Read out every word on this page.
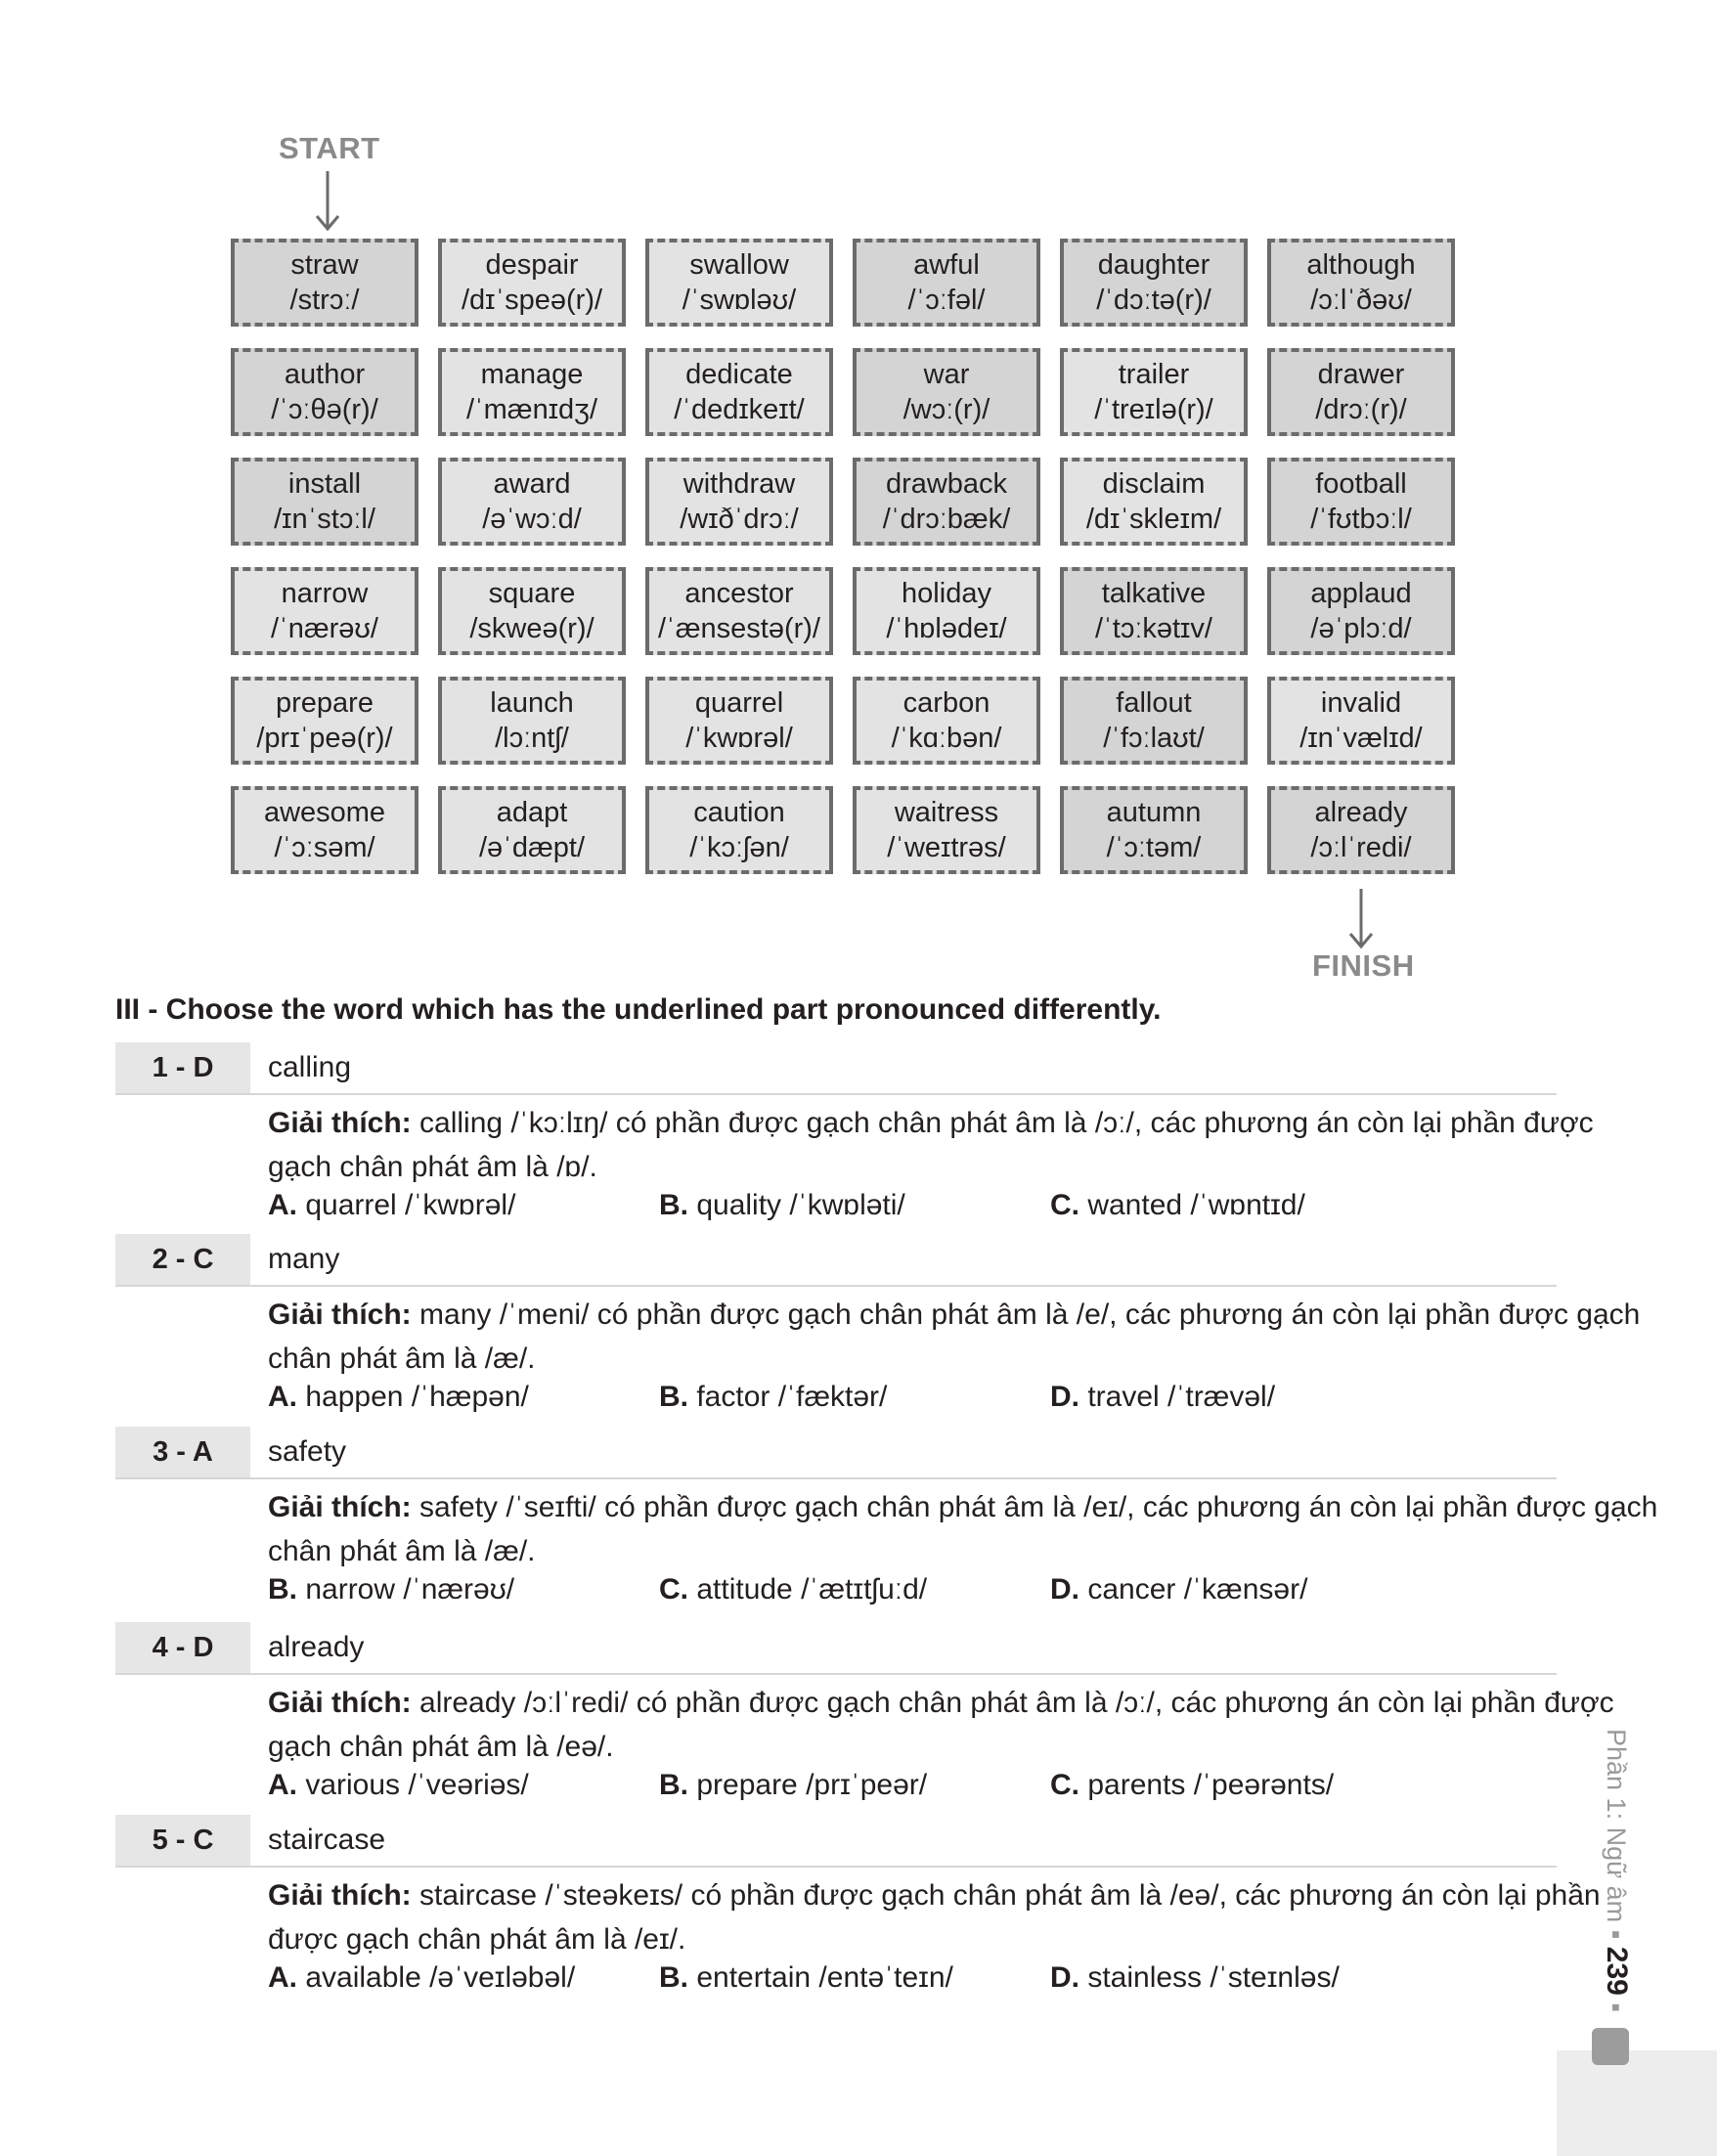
START
straw
/strɔː/
despair
/dɪˈspeə(r)/
swallow
/ˈswɒləʊ/
awful
/ˈɔːfəl/
daughter
/ˈdɔːtə(r)/
although
/ɔːlˈðəʊ/
author
/ˈɔːθə(r)/
manage
/ˈmænɪdʒ/
dedicate
/ˈdedɪkeɪt/
war
/wɔː(r)/
trailer
/ˈtreɪlə(r)/
drawer
/drɔː(r)/
install
/ɪnˈstɔːl/
award
/əˈwɔːd/
withdraw
/wɪðˈdrɔː/
drawback
/ˈdrɔːbæk/
disclaim
/dɪˈskleɪm/
football
/ˈfʊtbɔːl/
narrow
/ˈnærəʊ/
square
/skweə(r)/
ancestor
/ˈænsestə(r)/
holiday
/ˈhɒlədeɪ/
talkative
/ˈtɔːkətɪv/
applaud
/əˈplɔːd/
prepare
/prɪˈpeə(r)/
launch
/lɔːntʃ/
quarrel
/ˈkwɒrəl/
carbon
/ˈkɑːbən/
fallout
/ˈfɔːlaʊt/
invalid
/ɪnˈvælɪd/
awesome
/ˈɔːsəm/
adapt
/əˈdæpt/
caution
/ˈkɔːʃən/
waitress
/ˈweɪtrəs/
autumn
/ˈɔːtəm/
already
/ɔːlˈredi/
FINISH
III - Choose the word which has the underlined part pronounced differently.
1 - D	calling
Giải thích: calling /ˈkɔːlɪŋ/ có phần được gạch chân phát âm là /ɔː/, các phương án còn lại phần được gạch chân phát âm là /ɒ/.
A. quarrel /ˈkwɒrəl/	B. quality /ˈkwɒləti/	C. wanted /ˈwɒntɪd/
2 - C	many
Giải thích: many /ˈmeni/ có phần được gạch chân phát âm là /e/, các phương án còn lại phần được gạch chân phát âm là /æ/.
A. happen /ˈhæpən/	B. factor /ˈfæktər/	D. travel /ˈtrævəl/
3 - A	safety
Giải thích: safety /ˈseɪfti/ có phần được gạch chân phát âm là /eɪ/, các phương án còn lại phần được gạch chân phát âm là /æ/.
B. narrow /ˈnærəʊ/	C. attitude /ˈætɪtʃuːd/	D. cancer /ˈkænsər/
4 - D	already
Giải thích: already /ɔːlˈredi/ có phần được gạch chân phát âm là /ɔː/, các phương án còn lại phần được gạch chân phát âm là /eə/.
A. various /ˈveəriəs/	B. prepare /prɪˈpeər/	C. parents /ˈpeərənts/
5 - C	staircase
Giải thích: staircase /ˈsteəkeɪs/ có phần được gạch chân phát âm là /eə/, các phương án còn lại phần được gạch chân phát âm là /eɪ/.
A. available /əˈveɪləbəl/	B. entertain /entəˈteɪn/	D. stainless /ˈsteɪnləs/
Phần 1: Ngữ âm ▪ 239 ▪
